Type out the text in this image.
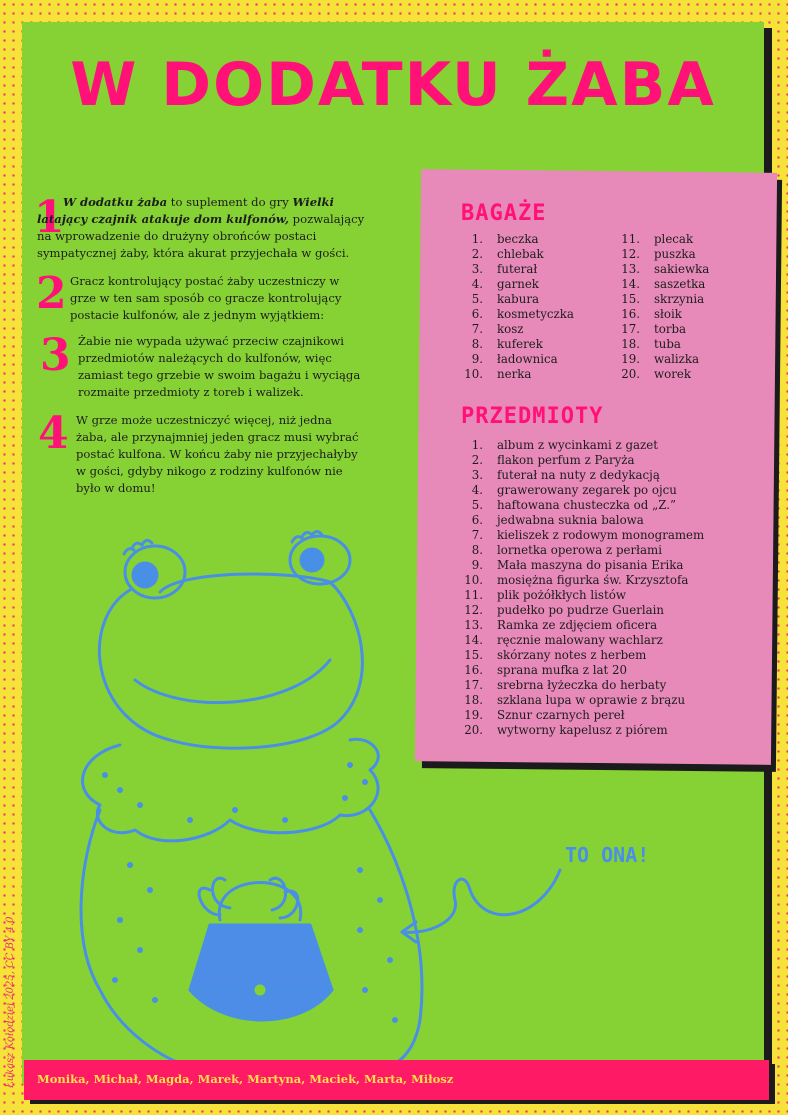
W DODATKU ŻABA
1

W dodatku żaba to suplement do gry Wielki latający czajnik atakuje dom kulfonów, pozwalający na wprowadzenie do drużyny obrońców postaci sympatycznej żaby, która akurat przyjechała w gości.

2 Gracz kontrolujący postać żaby uczestniczy w grze w ten sam sposób co gracze kontrolujący postacie kulfonów, ale z jednym wyjątkiem:

3 Żabie nie wypada używać przeciw czajnikowi przedmiotów należących do kulfonów, więc zamiast tego grzebie w swoim bagażu i wyciąga rozmaite przedmioty z toreb i walizek.

4 W grze może uczestniczyć więcej, niż jedna żaba, ale przynajmniej jeden gracz musi wybrać postać kulfona. W końcu żaby nie przyjechałyby w gości, gdyby nikogo z rodziny kulfonów nie było w domu!

BAGAŻE
1. beczka
2. chlebak
3. futerał
4. garnek
5. kabura
6. kosmetyczka
7. kosz
8. kuferek
9. ładownica
10. nerka
11. plecak
12. puszka
13. sakiewka
14. saszetka
15. skrzynia
16. słoik
17. torba
18. tuba
19. walizka
20. worek
PRZEDMIOTY
1. album z wycinkami z gazet
2. flakon perfum z Paryża
3. futerał na nuty z dedykacją
4. grawerowany zegarek po ojcu
5. haftowana chusteczka od „Z.”
6. jedwabna suknia balowa
7. kieliszek z rodowym monogramem
8. lornetka operowa z perłami
9. Mała maszyna do pisania Erika
10. mosiężna figurka św. Krzysztofa
11. plik pożółkłych listów
12. pudełko po pudrze Guerlain
13. Ramka ze zdjęciem oficera
14. ręcznie malowany wachlarz
15. skórzany notes z herbem
16. sprana mufka z lat 20
17. srebrna łyżeczka do herbaty
18. szklana lupa w oprawie z brązu
19. Sznur czarnych pereł
20. wytworny kapelusz z piórem

TO ONA!

Łukasz Kołodziej 2025, CC BY 4.0 Monika, Michał, Magda, Marek, Martyna, Maciek, Marta, Miłosz
